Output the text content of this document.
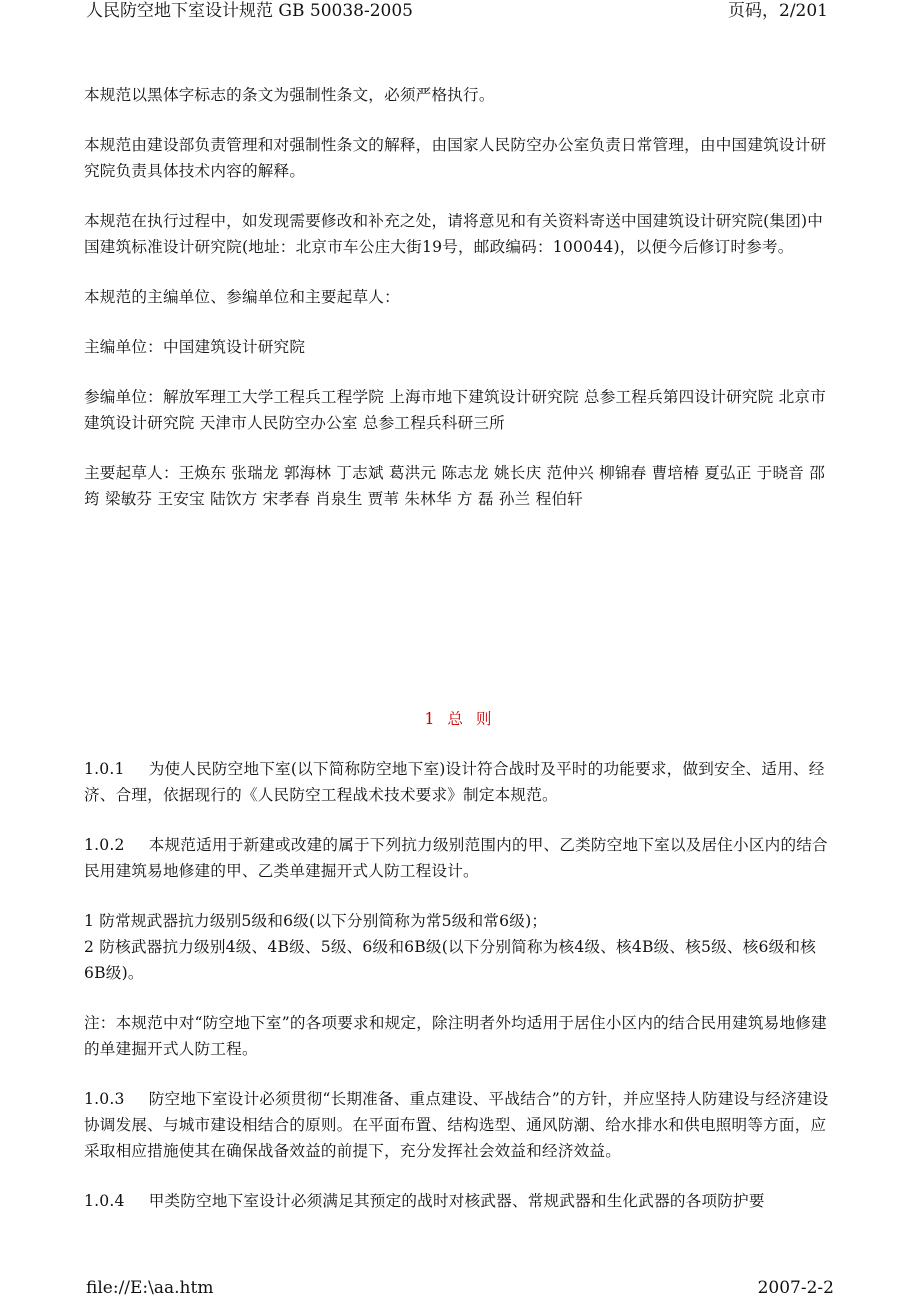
人民防空地下室设计规范 GB 50038-2005	页码，2/201

本规范以黑体字标志的条文为强制性条文，必须严格执行。

本规范由建设部负责管理和对强制性条文的解释，由国家人民防空办公室负责日常管理，由中国建筑设计研究院负责具体技术内容的解释。

本规范在执行过程中，如发现需要修改和补充之处，请将意见和有关资料寄送中国建筑设计研究院(集团)中国建筑标准设计研究院(地址：北京市车公庄大街19号，邮政编码：100044)，以便今后修订时参考。

本规范的主编单位、参编单位和主要起草人：

主编单位：中国建筑设计研究院

参编单位：解放军理工大学工程兵工程学院 上海市地下建筑设计研究院 总参工程兵第四设计研究院 北京市建筑设计研究院 天津市人民防空办公室 总参工程兵科研三所

主要起草人：王焕东 张瑞龙 郭海林 丁志斌 葛洪元 陈志龙 姚长庆 范仲兴 柳锦春 曹培椿 夏弘正 于晓音 邵筠 梁敏芬 王安宝 陆饮方 宋孝春 肖泉生 贾苇 朱林华 方 磊 孙兰 程伯轩

1 总 则

1.0.1 为使人民防空地下室(以下简称防空地下室)设计符合战时及平时的功能要求，做到安全、适用、经济、合理，依据现行的《人民防空工程战术技术要求》制定本规范。

1.0.2 本规范适用于新建或改建的属于下列抗力级别范围内的甲、乙类防空地下室以及居住小区内的结合民用建筑易地修建的甲、乙类单建掘开式人防工程设计。

1 防常规武器抗力级别5级和6级(以下分别简称为常5级和常6级)；
2 防核武器抗力级别4级、4B级、5级、6级和6B级(以下分别简称为核4级、核4B级、核5级、核6级和核6B级)。

注：本规范中对“防空地下室”的各项要求和规定，除注明者外均适用于居住小区内的结合民用建筑易地修建的单建掘开式人防工程。

1.0.3 防空地下室设计必须贯彻“长期准备、重点建设、平战结合”的方针，并应坚持人防建设与经济建设协调发展、与城市建设相结合的原则。在平面布置、结构选型、通风防潮、给水排水和供电照明等方面，应采取相应措施使其在确保战备效益的前提下，充分发挥社会效益和经济效益。

1.0.4 甲类防空地下室设计必须满足其预定的战时对核武器、常规武器和生化武器的各项防护要

file://E:\aa.htm	2007-2-2
